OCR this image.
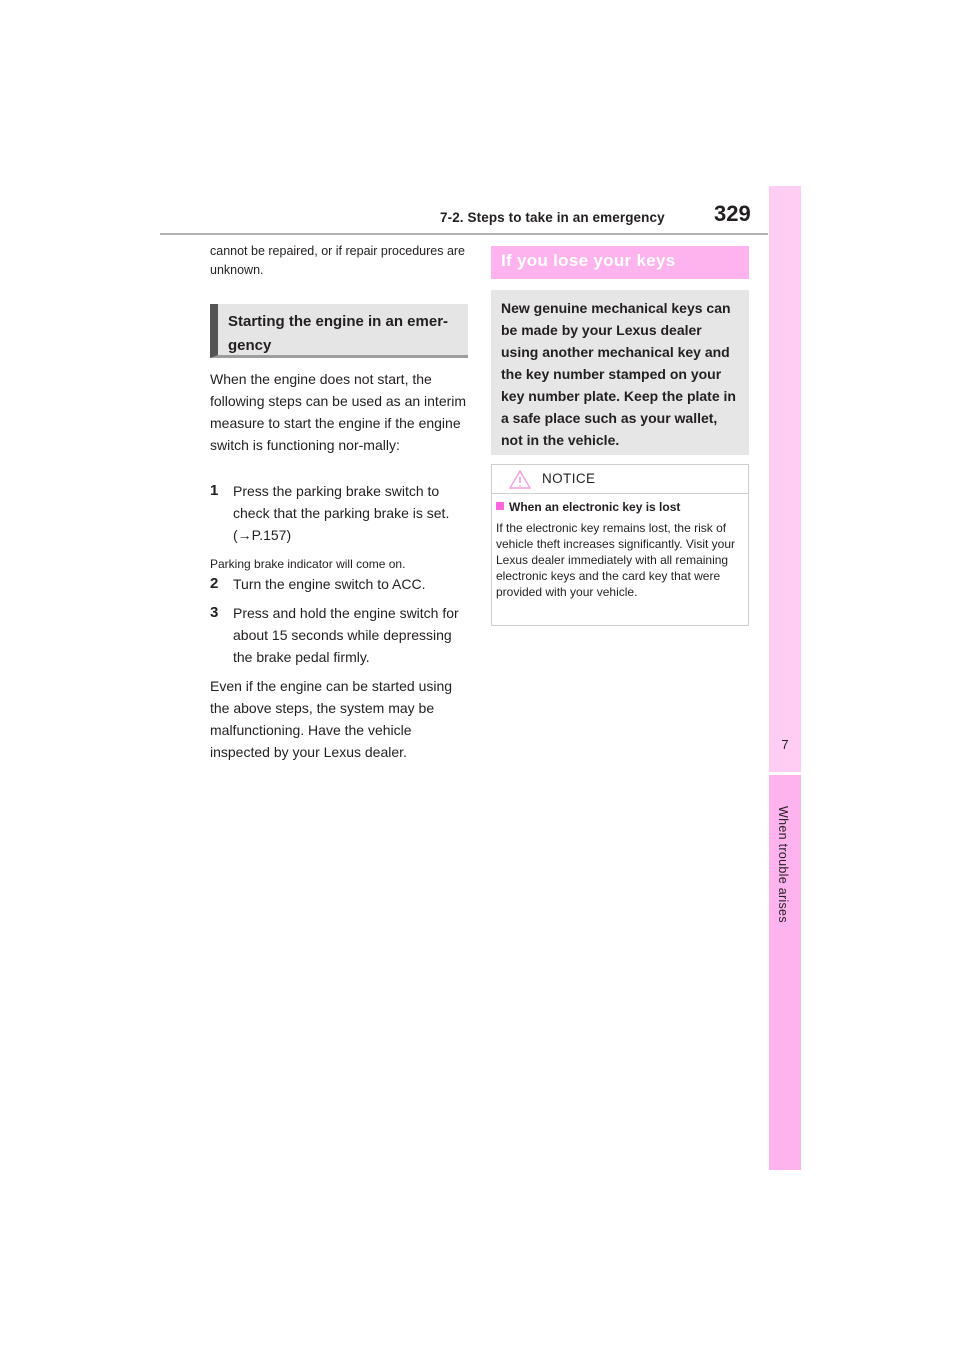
7
When trouble arises
7-2. Steps to take in an emergency 329

cannot be repaired, or if repair procedures are unknown.

Starting the engine in an emer-
gency

When the engine does not start, the following steps can be used as an interim measure to start the engine if the engine switch is functioning nor-mally:

1 Press the parking brake switch to check that the parking brake is set. (→P.157)
Parking brake indicator will come on.
2 Turn the engine switch to ACC.
3 Press and hold the engine switch for about 15 seconds while depressing the brake pedal firmly.

Even if the engine can be started using the above steps, the system may be malfunctioning. Have the vehicle inspected by your Lexus dealer.

If you lose your keys
New genuine mechanical keys can be made by your Lexus dealer using another mechanical key and the key number stamped on your key number plate. Keep the plate in a safe place such as your wallet, not in the vehicle.
NOTICE
When an electronic key is lost

If the electronic key remains lost, the risk of vehicle theft increases significantly. Visit your Lexus dealer immediately with all remaining electronic keys and the card key that were provided with your vehicle.
